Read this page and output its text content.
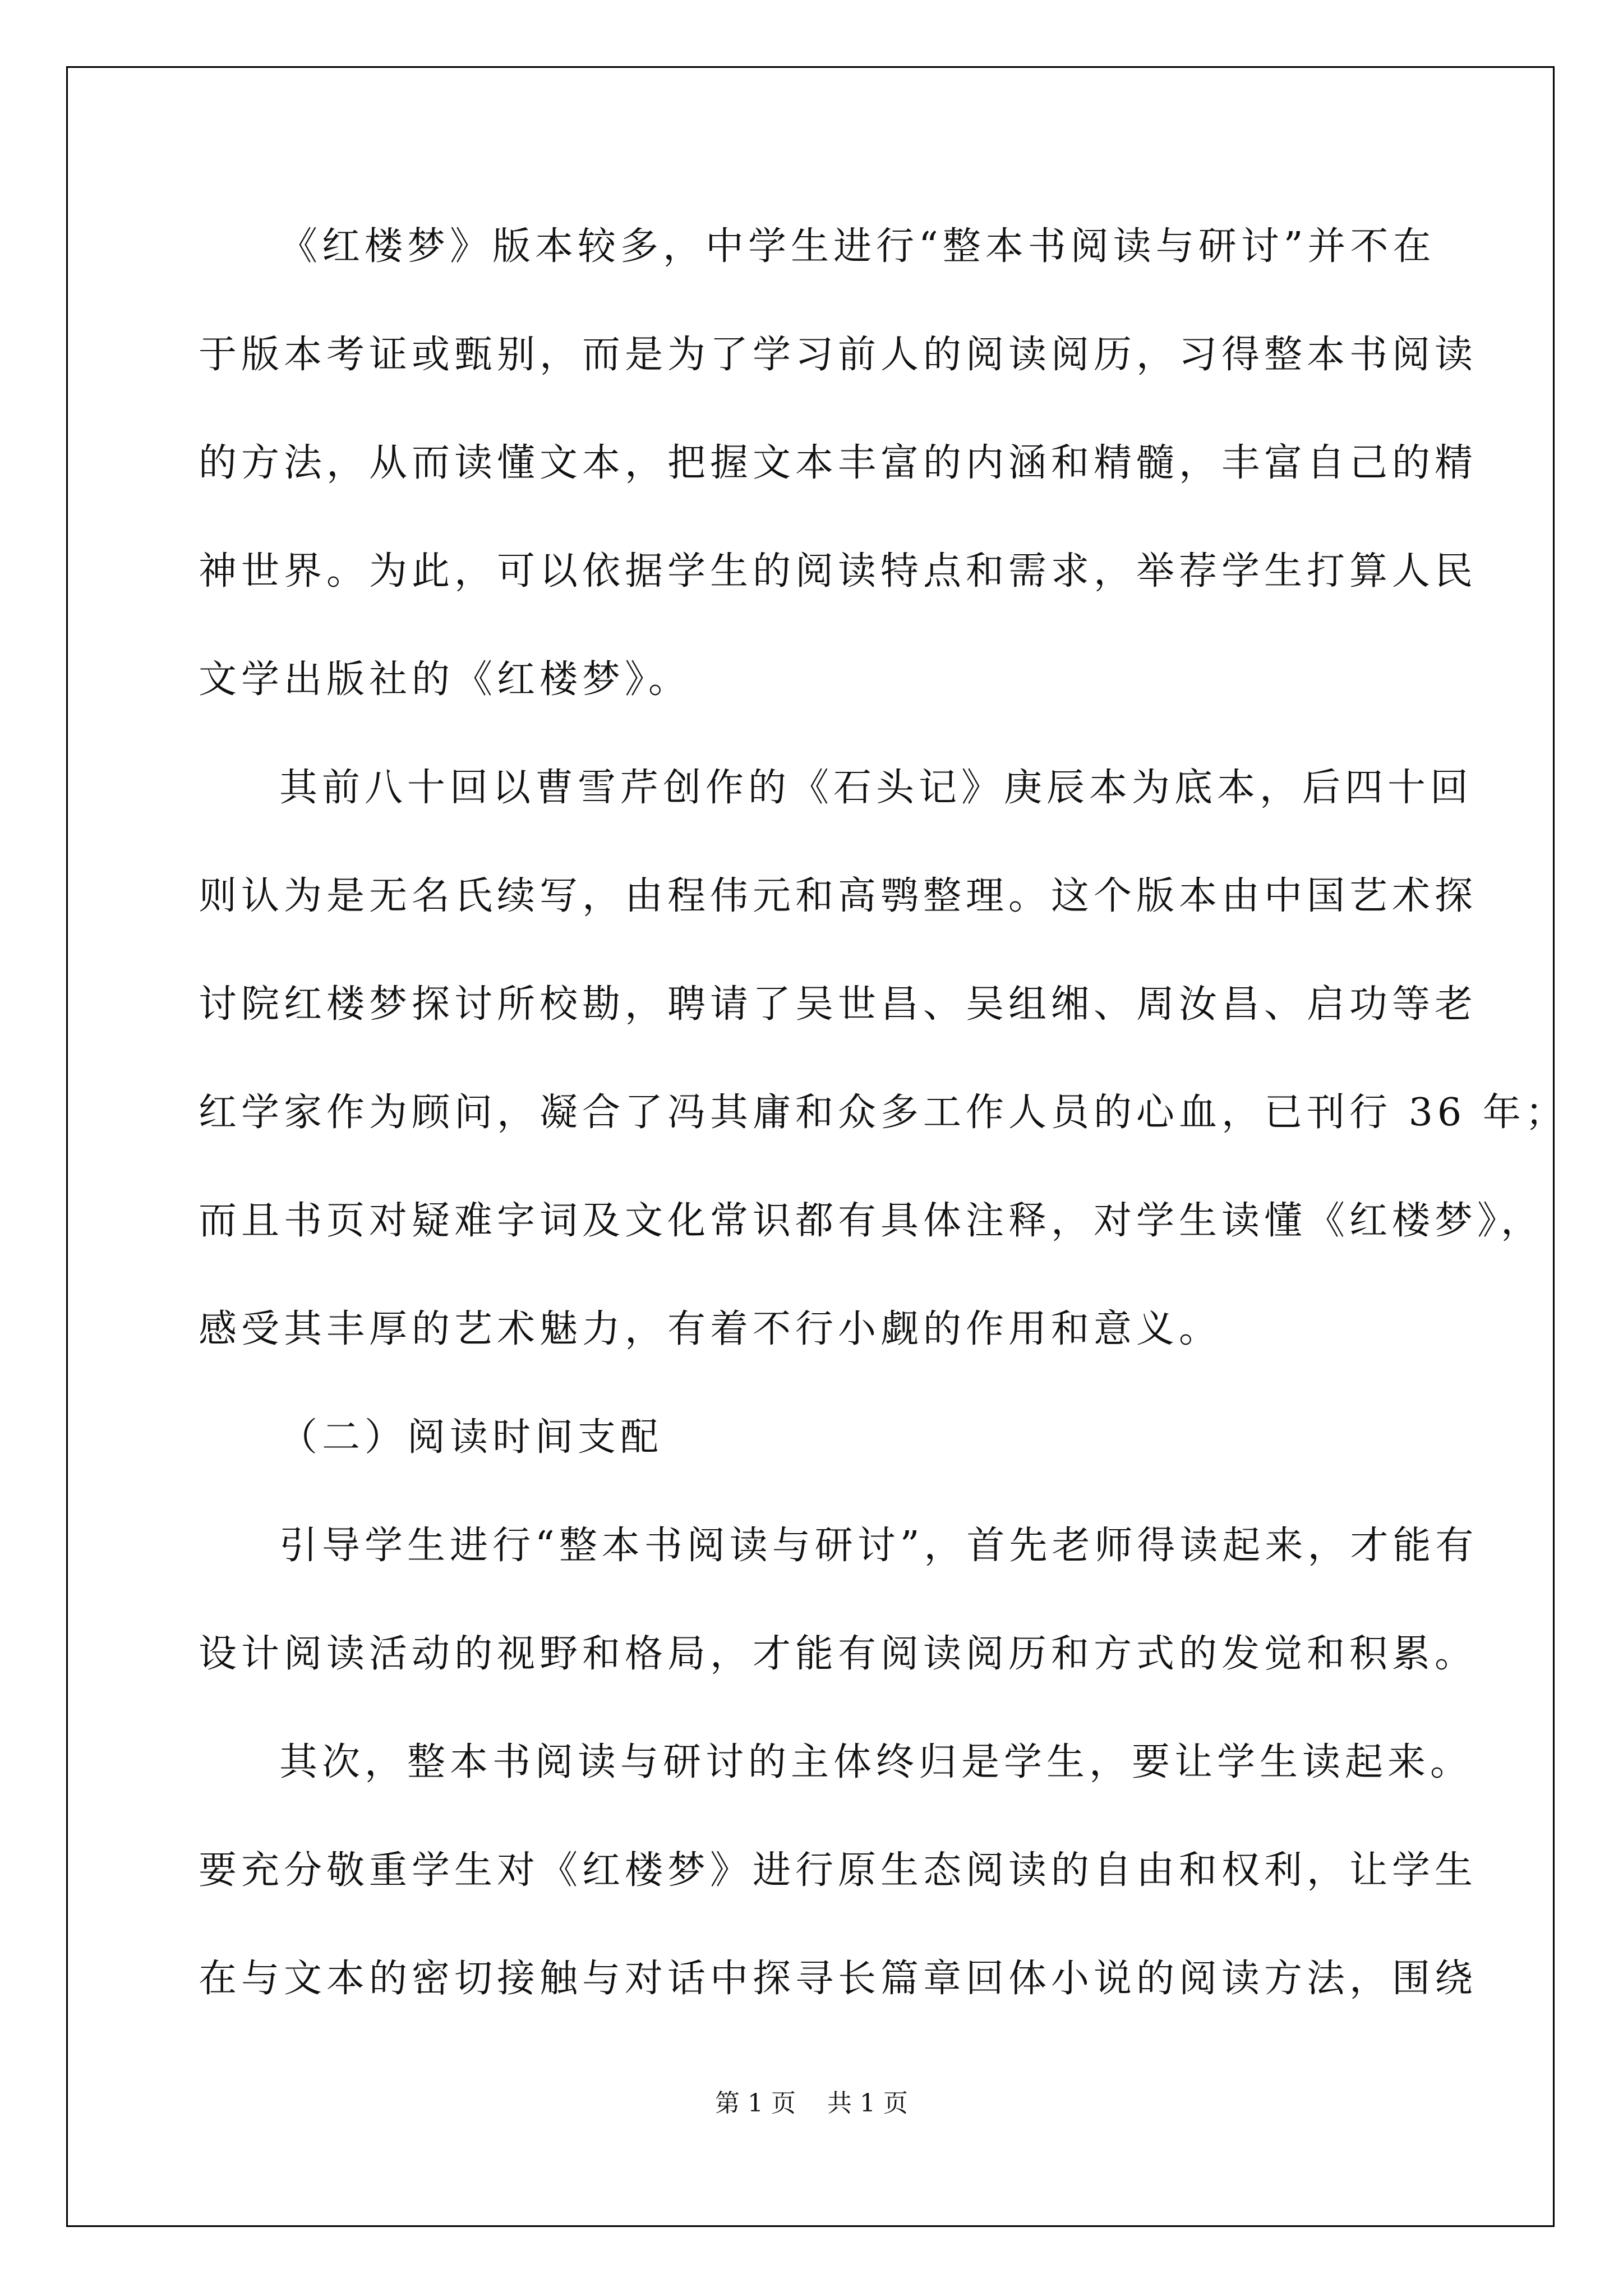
《红楼梦》版本较多，中学生进行“整本书阅读与研讨”并不在
于版本考证或甄别，而是为了学习前人的阅读阅历，习得整本书阅读
的方法，从而读懂文本，把握文本丰富的内涵和精髓，丰富自己的精
神世界。为此，可以依据学生的阅读特点和需求，举荐学生打算人民
文学出版社的《红楼梦》。
其前八十回以曹雪芹创作的《石头记》庚辰本为底本，后四十回
则认为是无名氏续写，由程伟元和高鹗整理。这个版本由中国艺术探
讨院红楼梦探讨所校勘，聘请了吴世昌、吴组缃、周汝昌、启功等老
红学家作为顾问，凝合了冯其庸和众多工作人员的心血，已刊行 36 年；
而且书页对疑难字词及文化常识都有具体注释，对学生读懂《红楼梦》，
感受其丰厚的艺术魅力，有着不行小觑的作用和意义。
（二）阅读时间支配
引导学生进行“整本书阅读与研讨”，首先老师得读起来，才能有
设计阅读活动的视野和格局，才能有阅读阅历和方式的发觉和积累。
其次，整本书阅读与研讨的主体终归是学生，要让学生读起来。
要充分敬重学生对《红楼梦》进行原生态阅读的自由和权利，让学生
在与文本的密切接触与对话中探寻长篇章回体小说的阅读方法，围绕
第 1 页    共 1 页
